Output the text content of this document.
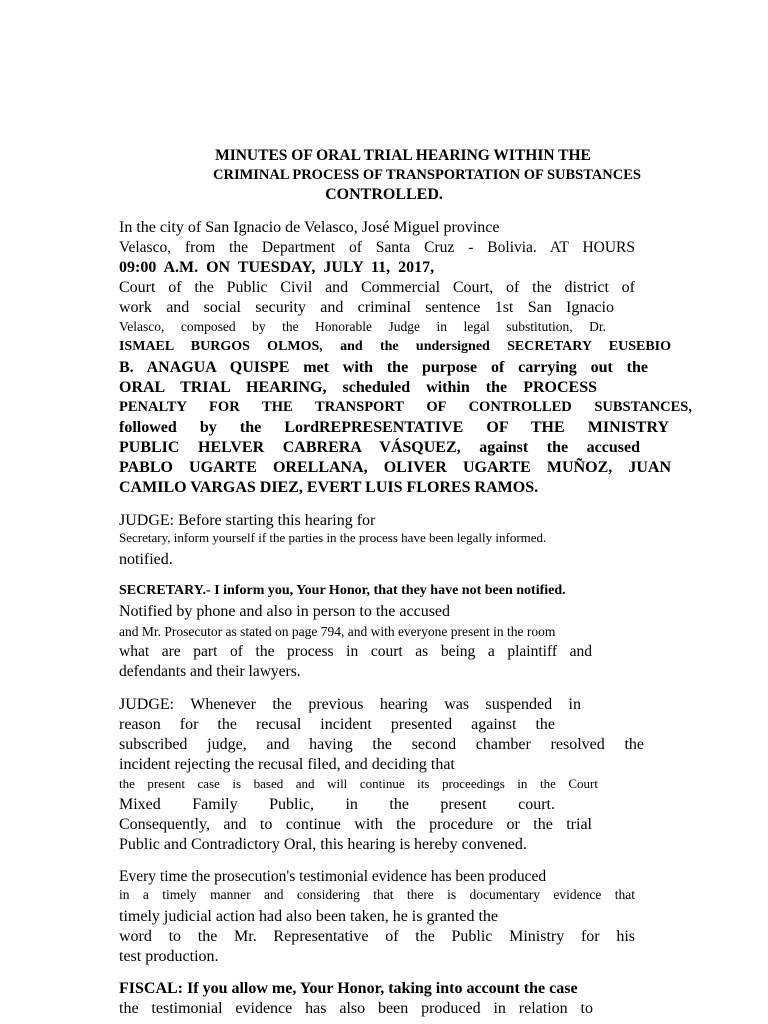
MINUTES OF ORAL TRIAL HEARING WITHIN THE
CRIMINAL PROCESS OF TRANSPORTATION OF SUBSTANCES
CONTROLLED.
In the city of San Ignacio de Velasco, José Miguel province
Velasco, from the Department of Santa Cruz - Bolivia. AT HOURS
09:00 A.M. ON TUESDAY, JULY 11, 2017,
Court of the Public Civil and Commercial Court, of the district of
work and social security and criminal sentence 1st San Ignacio
Velasco, composed by the Honorable Judge in legal substitution, Dr.
ISMAEL BURGOS OLMOS, and the undersigned SECRETARY EUSEBIO
B. ANAGUA QUISPE met with the purpose of carrying out the
ORAL TRIAL HEARING, scheduled within the PROCESS
PENALTY FOR THE TRANSPORT OF CONTROLLED SUBSTANCES,
followed by the LordREPRESENTATIVE OF THE MINISTRY
PUBLIC HELVER CABRERA VÁSQUEZ, against the accused
PABLO UGARTE ORELLANA, OLIVER UGARTE MUÑOZ, JUAN
CAMILO VARGAS DIEZ, EVERT LUIS FLORES RAMOS.
JUDGE: Before starting this hearing for
Secretary, inform yourself if the parties in the process have been legally informed.
notified.
SECRETARY.- I inform you, Your Honor, that they have not been notified.
Notified by phone and also in person to the accused
and Mr. Prosecutor as stated on page 794, and with everyone present in the room
what are part of the process in court as being a plaintiff and
defendants and their lawyers.
JUDGE: Whenever the previous hearing was suspended in
reason for the recusal incident presented against the
subscribed judge, and having the second chamber resolved the
incident rejecting the recusal filed, and deciding that
the present case is based and will continue its proceedings in the Court
Mixed Family Public, in the present court.
Consequently, and to continue with the procedure or the trial
Public and Contradictory Oral, this hearing is hereby convened.
Every time the prosecution's testimonial evidence has been produced
in a timely manner and considering that there is documentary evidence that
timely judicial action had also been taken, he is granted the
word to the Mr. Representative of the Public Ministry for his
test production.
FISCAL: If you allow me, Your Honor, taking into account the case
the testimonial evidence has also been produced in relation to
